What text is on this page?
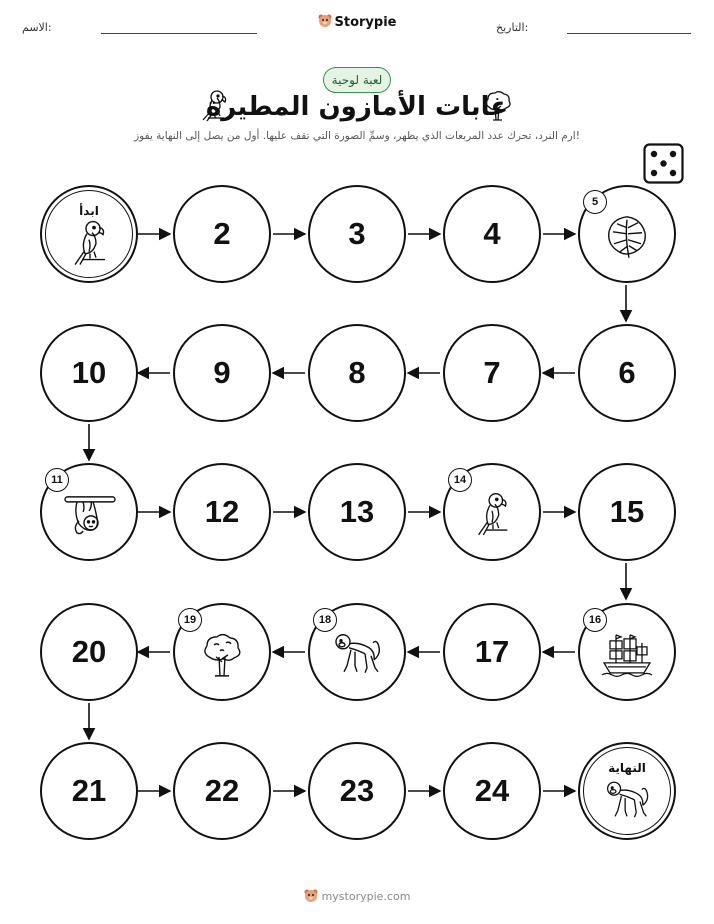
الاسم:	التاريخ:
Storypie
لعبة لوحية
غابات الأمازون المطيرة
ارم النرد، تحرك عدد المربعات الذي يظهر، وسمِّ الصورة التي تقف عليها. أول من يصل إلى النهاية يفوز!
ابدأ
2	3	4
5
10	9	8	7	6
11
12	13
14
15
20
19	18
17
16
21	22	23	24
النهاية
mystorypie.com
